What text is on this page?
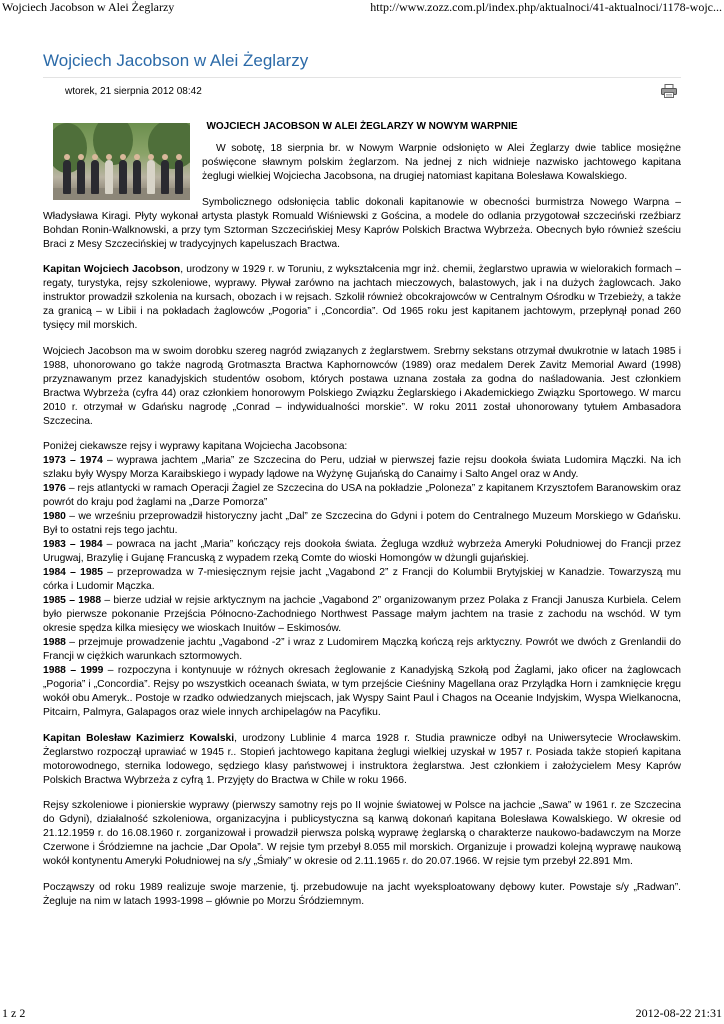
Wojciech Jacobson w Alei Żeglarzy	http://www.zozz.com.pl/index.php/aktualnoci/41-aktualnoci/1178-wojc...
Wojciech Jacobson w Alei Żeglarzy
wtorek, 21 sierpnia 2012 08:42
WOJCIECH JACOBSON W ALEI ŻEGLARZY W NOWYM WARPNIE

W sobotę, 18 sierpnia br. w Nowym Warpnie odsłonięto w Alei Żeglarzy dwie tablice mosiężne poświęcone sławnym polskim żeglarzom. Na jednej z nich widnieje nazwisko jachtowego kapitana żeglugi wielkiej Wojciecha Jacobsona, na drugiej natomiast kapitana Bolesława Kowalskiego.

Symbolicznego odsłonięcia tablic dokonali kapitanowie w obecności burmistrza Nowego Warpna – Władysława Kiragi. Płyty wykonał artysta plastyk Romuald Wiśniewski z Gościna, a modele do odlania przygotował szczeciński rzeźbiarz Bohdan Ronin-Walknowski, a przy tym Sztorman Szczecińskiej Mesy Kaprów Polskich Bractwa Wybrzeża. Obecnych było również sześciu Braci z Mesy Szczecińskiej w tradycyjnych kapeluszach Bractwa.

Kapitan Wojciech Jacobson, urodzony w 1929 r. w Toruniu, z wykształcenia mgr inż. chemii, żeglarstwo uprawia w wielorakich formach – regaty, turystyka, rejsy szkoleniowe, wyprawy. Pływał zarówno na jachtach mieczowych, balastowych, jak i na dużych żaglowcach. Jako instruktor prowadził szkolenia na kursach, obozach i w rejsach. Szkolił również obcokrajowców w Centralnym Ośrodku w Trzebieży, a także za granicą – w Libii i na pokładach żaglowców „Pogoria” i „Concordia”. Od 1965 roku jest kapitanem jachtowym, przepłynął ponad 260 tysięcy mil morskich.

Wojciech Jacobson ma w swoim dorobku szereg nagród związanych z żeglarstwem. Srebrny sekstans otrzymał dwukrotnie w latach 1985 i 1988, uhonorowano go także nagrodą Grotmaszta Bractwa Kaphornowców (1989) oraz medalem Derek Zavitz Memorial Award (1998) przyznawanym przez kanadyjskich studentów osobom, których postawa uznana została za godna do naśladowania. Jest członkiem Bractwa Wybrzeża (cyfra 44) oraz członkiem honorowym Polskiego Związku Żeglarskiego i Akademickiego Związku Sportowego. W marcu 2010 r. otrzymał w Gdańsku nagrodę „Conrad – indywidualności morskie”. W roku 2011 został uhonorowany tytułem Ambasadora Szczecina.

Poniżej ciekawsze rejsy i wyprawy kapitana Wojciecha Jacobsona:
1973 – 1974 – wyprawa jachtem „Maria” ze Szczecina do Peru, udział w pierwszej fazie rejsu dookoła świata Ludomira Mączki. Na ich szlaku były Wyspy Morza Karaibskiego i wypady lądowe na Wyżynę Gujańską do Canaimy i Salto Angel oraz w Andy.
1976 – rejs atlantycki w ramach Operacji Żagiel ze Szczecina do USA na pokładzie „Poloneza” z kapitanem Krzysztofem Baranowskim oraz powrót do kraju pod żaglami na „Darze Pomorza”
1980 – we wrześniu przeprowadził historyczny jacht „Dal” ze Szczecina do Gdyni i potem do Centralnego Muzeum Morskiego w Gdańsku. Był to ostatni rejs tego jachtu.
1983 – 1984 – powraca na jacht „Maria” kończący rejs dookoła świata. Żegluga wzdłuż wybrzeża Ameryki Południowej do Francji przez Urugwaj, Brazylię i Gujanę Francuską z wypadem rzeką Comte do wioski Homongów w dżungli gujańskiej.
1984 – 1985 – przeprowadza w 7-miesięcznym rejsie jacht „Vagabond 2” z Francji do Kolumbii Brytyjskiej w Kanadzie. Towarzyszą mu córka i Ludomir Mączka.
1985 – 1988 – bierze udział w rejsie arktycznym na jachcie „Vagabond 2” organizowanym przez Polaka z Francji Janusza Kurbiela. Celem było pierwsze pokonanie Przejścia Północno-Zachodniego Northwest Passage małym jachtem na trasie z zachodu na wschód. W tym okresie spędza kilka miesięcy we wioskach Inuitów – Eskimosów.
1988 – przejmuje prowadzenie jachtu „Vagabond -2” i wraz z Ludomirem Mączką kończą rejs arktyczny. Powrót we dwóch z Grenlandii do Francji w ciężkich warunkach sztormowych.
1988 – 1999 – rozpoczyna i kontynuuje w różnych okresach żeglowanie z Kanadyjską Szkołą pod Żaglami, jako oficer na żaglowcach „Pogoria” i „Concordia”. Rejsy po wszystkich oceanach świata, w tym przejście Cieśniny Magellana oraz Przylądka Horn i zamknięcie kręgu wokół obu Ameryk.. Postoje w rzadko odwiedzanych miejscach, jak Wyspy Saint Paul i Chagos na Oceanie Indyjskim, Wyspa Wielkanocna, Pitcairn, Palmyra, Galapagos oraz wiele innych archipelagów na Pacyfiku.

Kapitan Bolesław Kazimierz Kowalski, urodzony Lublinie 4 marca 1928 r. Studia prawnicze odbył na Uniwersytecie Wrocławskim. Żeglarstwo rozpoczął uprawiać w 1945 r.. Stopień jachtowego kapitana żeglugi wielkiej uzyskał w 1957 r. Posiada także stopień kapitana motorowodnego, sternika lodowego, sędziego klasy państwowej i instruktora żeglarstwa. Jest członkiem i założycielem Mesy Kaprów Polskich Bractwa Wybrzeża z cyfrą 1. Przyjęty do Bractwa w Chile w roku 1966.

Rejsy szkoleniowe i pionierskie wyprawy (pierwszy samotny rejs po II wojnie światowej w Polsce na jachcie „Sawa” w 1961 r. ze Szczecina do Gdyni), działalność szkoleniowa, organizacyjna i publicystyczna są kanwą dokonań kapitana Bolesława Kowalskiego. W okresie od 21.12.1959 r. do 16.08.1960 r. zorganizował i prowadził pierwsza polską wyprawę żeglarską o charakterze naukowo-badawczym na Morze Czerwone i Śródziemne na jachcie „Dar Opola”. W rejsie tym przebył 8.055 mil morskich. Organizuje i prowadzi kolejną wyprawę naukową wokół kontynentu Ameryki Południowej na s/y „Śmiały” w okresie od 2.11.1965 r. do 20.07.1966. W rejsie tym przebył 22.891 Mm.

Począwszy od roku 1989 realizuje swoje marzenie, tj. przebudowuje na jacht wyeksploatowany dębowy kuter. Powstaje s/y „Radwan”. Żegluje na nim w latach 1993-1998 – głównie po Morzu Śródziemnym.

1 z 2	2012-08-22 21:31
